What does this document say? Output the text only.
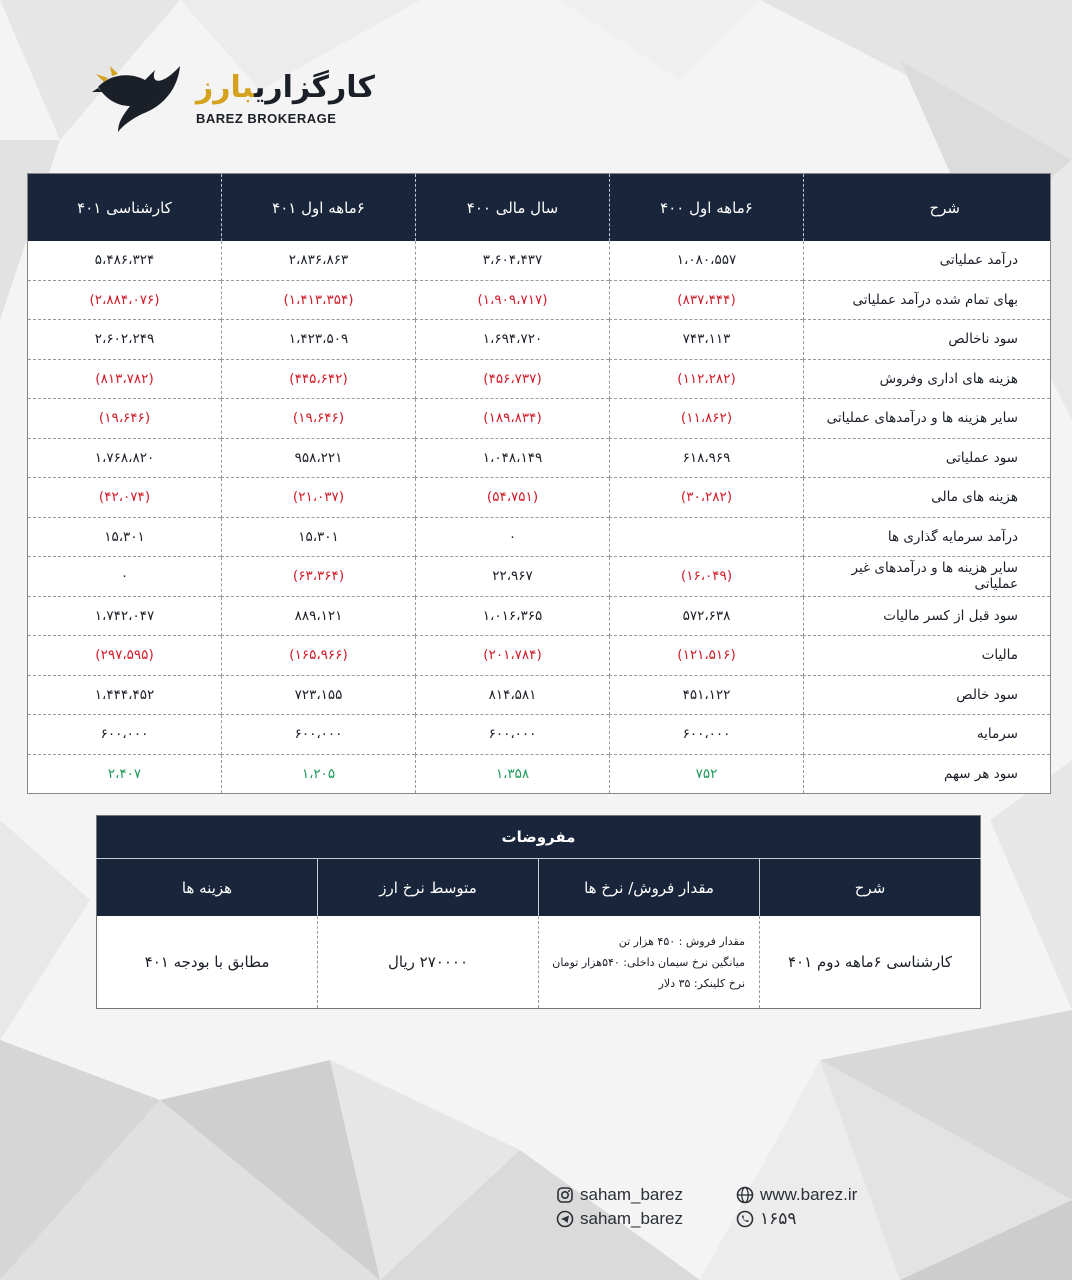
کارگزاریبارز
BAREZ BROKERAGE
شرح	۶ماهه اول ۴۰۰	سال مالی ۴۰۰	۶ماهه اول ۴۰۱	کارشناسی ۴۰۱
درآمد عملیاتی	۱،۰۸۰،۵۵۷	۳،۶۰۴،۴۳۷	۲،۸۳۶،۸۶۳	۵،۴۸۶،۳۲۴
بهای تمام شده درآمد عملیاتی	(۸۳۷،۴۴۴)	(۱،۹۰۹،۷۱۷)	(۱،۴۱۳،۳۵۴)	(۲،۸۸۴،۰۷۶)
سود ناخالص	۷۴۳،۱۱۳	۱،۶۹۴،۷۲۰	۱،۴۲۳،۵۰۹	۲،۶۰۲،۲۴۹
هزینه های اداری وفروش	(۱۱۲،۲۸۲)	(۴۵۶،۷۳۷)	(۴۴۵،۶۴۲)	(۸۱۳،۷۸۲)
سایر هزینه ها و درآمدهای عملیاتی	(۱۱،۸۶۲)	(۱۸۹،۸۳۴)	(۱۹،۶۴۶)	(۱۹،۶۴۶)
سود عملیاتی	۶۱۸،۹۶۹	۱،۰۴۸،۱۴۹	۹۵۸،۲۲۱	۱،۷۶۸،۸۲۰
هزینه های مالی	(۳۰،۲۸۲)	(۵۴،۷۵۱)	(۲۱،۰۳۷)	(۴۲،۰۷۴)
درآمد سرمایه گذاری ها		۰	۱۵،۳۰۱	۱۵،۳۰۱
سایر هزینه ها و درآمدهای غیر عملیاتی	(۱۶،۰۴۹)	۲۲،۹۶۷	(۶۳،۳۶۴)	۰
سود قبل از کسر مالیات	۵۷۲،۶۳۸	۱،۰۱۶،۳۶۵	۸۸۹،۱۲۱	۱،۷۴۲،۰۴۷
مالیات	(۱۲۱،۵۱۶)	(۲۰۱،۷۸۴)	(۱۶۵،۹۶۶)	(۲۹۷،۵۹۵)
سود خالص	۴۵۱،۱۲۲	۸۱۴،۵۸۱	۷۲۳،۱۵۵	۱،۴۴۴،۴۵۲
سرمایه	۶۰۰،۰۰۰	۶۰۰،۰۰۰	۶۰۰،۰۰۰	۶۰۰،۰۰۰
سود هر سهم	۷۵۲	۱،۳۵۸	۱،۲۰۵	۲،۴۰۷
مفروضات			
شرح	مقدار فروش/ نرخ ها	متوسط نرخ ارز	هزینه ها
کارشناسی ۶ماهه دوم ۴۰۱	مقدار فروش : ۴۵۰ هزار تن
میانگین نرخ سیمان داخلی: ۵۴۰هزار تومان
نرخ کلینکر: ۳۵ دلار	۲۷۰۰۰۰ ریال	مطابق با بودجه ۴۰۱
saham_barez
saham_barez
www.barez.ir
۱۶۵۹
